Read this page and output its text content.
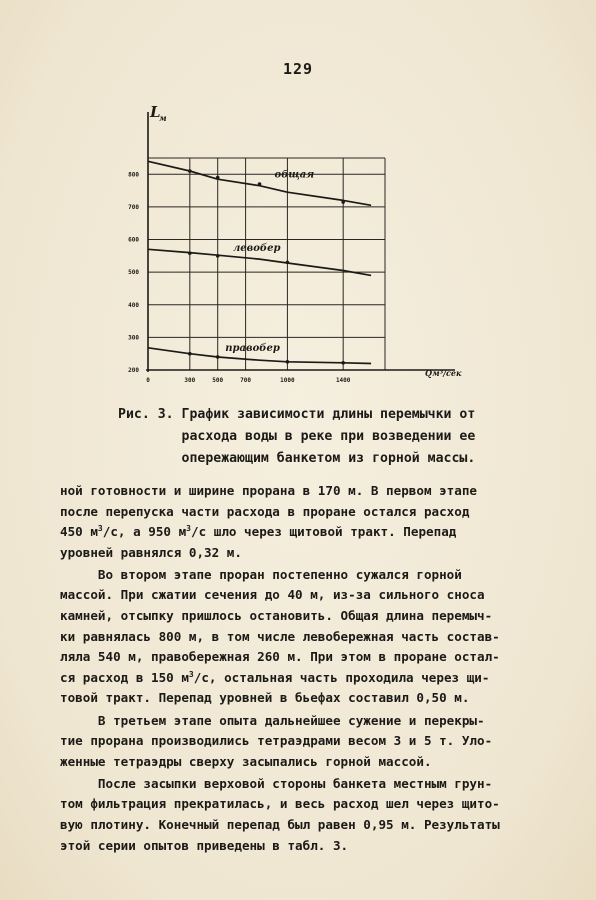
129
200
300
400
500
600
700
800
0	300	500	700	1000	1400
L
м
Qм³/сек
общая
левобер
правобер
Рис. 3. График зависимости длины перемычки от
расхода воды в реке при возведении ее
опережающим банкетом из горной массы.
ной готовности и ширине прорана в 170 м. В первом этапе
после перепуска части расхода в проране остался расход
450 $м^3/с$, а 950 $м^3/с$ шло через щитовой тракт. Перепад
уровней равнялся 0,32 м.
Во втором этапе проран постепенно сужался горной
массой. При сжатии сечения до 40 м, из-за сильного сноса
камней, отсыпку пришлось остановить. Общая длина перемыч-
ки равнялась 800 м, в том числе левобережная часть состав-
ляла 540 м, правобережная 260 м. При этом в проране остал-
ся расход в 150 $м^3/с$, остальная часть проходила через щи-
товой тракт. Перепад уровней в бьефах составил 0,50 м.
В третьем этапе опыта дальнейшее сужение и перекры-
тие прорана производились тетраэдрами весом 3 и 5 т. Уло-
женные тетраэдры сверху засыпались горной массой.
После засыпки верховой стороны банкета местным грун-
том фильтрация прекратилась, и весь расход шел через щито-
вую плотину. Конечный перепад был равен 0,95 м. Результаты
этой серии опытов приведены в табл. 3.
